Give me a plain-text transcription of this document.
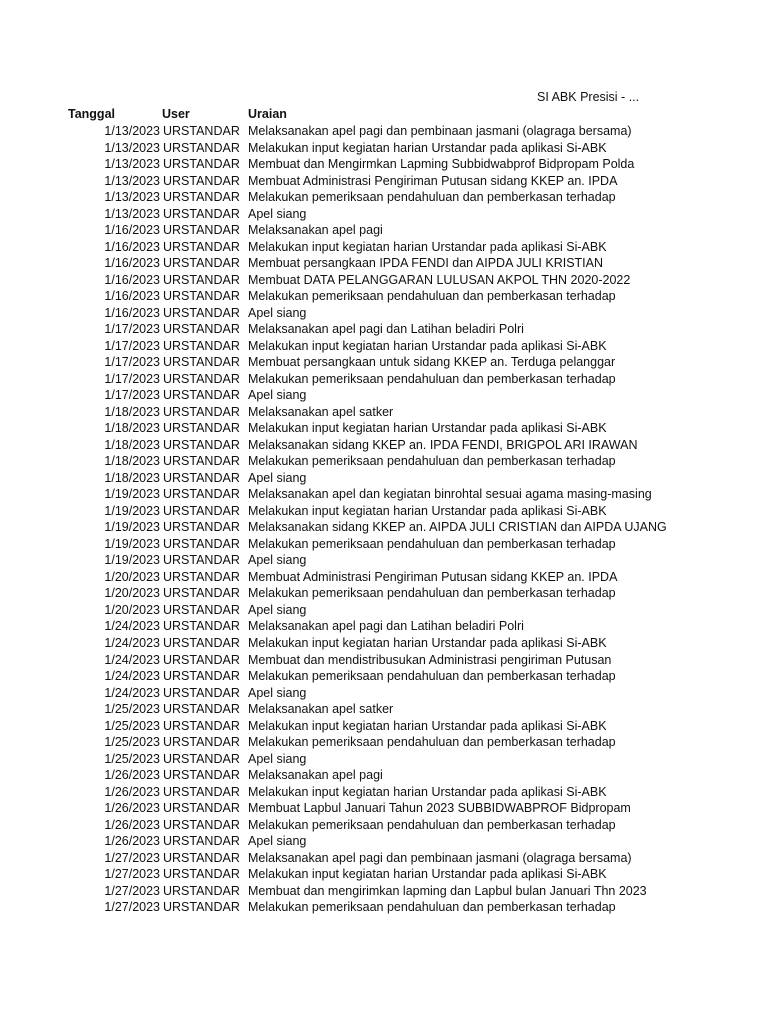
SI ABK Presisi - ...
Tanggal	User	Uraian
1/13/2023 URSTANDAR Melaksanakan apel pagi dan pembinaan jasmani (olagraga bersama)
1/13/2023 URSTANDAR Melakukan input kegiatan harian Urstandar pada aplikasi Si-ABK
1/13/2023 URSTANDAR Membuat dan Mengirmkan Lapming Subbidwabprof Bidpropam Polda
1/13/2023 URSTANDAR Membuat Administrasi Pengiriman Putusan sidang KKEP an. IPDA
1/13/2023 URSTANDAR Melakukan pemeriksaan pendahuluan dan pemberkasan terhadap
1/13/2023 URSTANDAR Apel siang
1/16/2023 URSTANDAR Melaksanakan apel pagi
1/16/2023 URSTANDAR Melakukan input kegiatan harian Urstandar pada aplikasi Si-ABK
1/16/2023 URSTANDAR Membuat persangkaan IPDA FENDI dan AIPDA JULI KRISTIAN
1/16/2023 URSTANDAR Membuat DATA PELANGGARAN LULUSAN AKPOL THN 2020-2022
1/16/2023 URSTANDAR Melakukan pemeriksaan pendahuluan dan pemberkasan terhadap
1/16/2023 URSTANDAR Apel siang
1/17/2023 URSTANDAR Melaksanakan apel pagi dan Latihan beladiri Polri
1/17/2023 URSTANDAR Melakukan input kegiatan harian Urstandar pada aplikasi Si-ABK
1/17/2023 URSTANDAR Membuat persangkaan untuk sidang KKEP an. Terduga pelanggar
1/17/2023 URSTANDAR Melakukan pemeriksaan pendahuluan dan pemberkasan terhadap
1/17/2023 URSTANDAR Apel siang
1/18/2023 URSTANDAR Melaksanakan apel satker
1/18/2023 URSTANDAR Melakukan input kegiatan harian Urstandar pada aplikasi Si-ABK
1/18/2023 URSTANDAR Melaksanakan sidang KKEP an. IPDA FENDI, BRIGPOL ARI IRAWAN
1/18/2023 URSTANDAR Melakukan pemeriksaan pendahuluan dan pemberkasan terhadap
1/18/2023 URSTANDAR Apel siang
1/19/2023 URSTANDAR Melaksanakan apel dan kegiatan binrohtal sesuai agama masing-masing
1/19/2023 URSTANDAR Melakukan input kegiatan harian Urstandar pada aplikasi Si-ABK
1/19/2023 URSTANDAR Melaksanakan sidang KKEP an. AIPDA JULI CRISTIAN dan AIPDA UJANG
1/19/2023 URSTANDAR Melakukan pemeriksaan pendahuluan dan pemberkasan terhadap
1/19/2023 URSTANDAR Apel siang
1/20/2023 URSTANDAR Membuat Administrasi Pengiriman Putusan sidang KKEP an. IPDA
1/20/2023 URSTANDAR Melakukan pemeriksaan pendahuluan dan pemberkasan terhadap
1/20/2023 URSTANDAR Apel siang
1/24/2023 URSTANDAR Melaksanakan apel pagi dan Latihan beladiri Polri
1/24/2023 URSTANDAR Melakukan input kegiatan harian Urstandar pada aplikasi Si-ABK
1/24/2023 URSTANDAR Membuat dan mendistribusukan Administrasi pengiriman Putusan
1/24/2023 URSTANDAR Melakukan pemeriksaan pendahuluan dan pemberkasan terhadap
1/24/2023 URSTANDAR Apel siang
1/25/2023 URSTANDAR Melaksanakan apel satker
1/25/2023 URSTANDAR Melakukan input kegiatan harian Urstandar pada aplikasi Si-ABK
1/25/2023 URSTANDAR Melakukan pemeriksaan pendahuluan dan pemberkasan terhadap
1/25/2023 URSTANDAR Apel siang
1/26/2023 URSTANDAR Melaksanakan apel pagi
1/26/2023 URSTANDAR Melakukan input kegiatan harian Urstandar pada aplikasi Si-ABK
1/26/2023 URSTANDAR Membuat Lapbul Januari Tahun 2023 SUBBIDWABPROF Bidpropam
1/26/2023 URSTANDAR Melakukan pemeriksaan pendahuluan dan pemberkasan terhadap
1/26/2023 URSTANDAR Apel siang
1/27/2023 URSTANDAR Melaksanakan apel pagi dan pembinaan jasmani (olagraga bersama)
1/27/2023 URSTANDAR Melakukan input kegiatan harian Urstandar pada aplikasi Si-ABK
1/27/2023 URSTANDAR Membuat dan mengirimkan lapming dan Lapbul bulan Januari Thn 2023
1/27/2023 URSTANDAR Melakukan pemeriksaan pendahuluan dan pemberkasan terhadap
